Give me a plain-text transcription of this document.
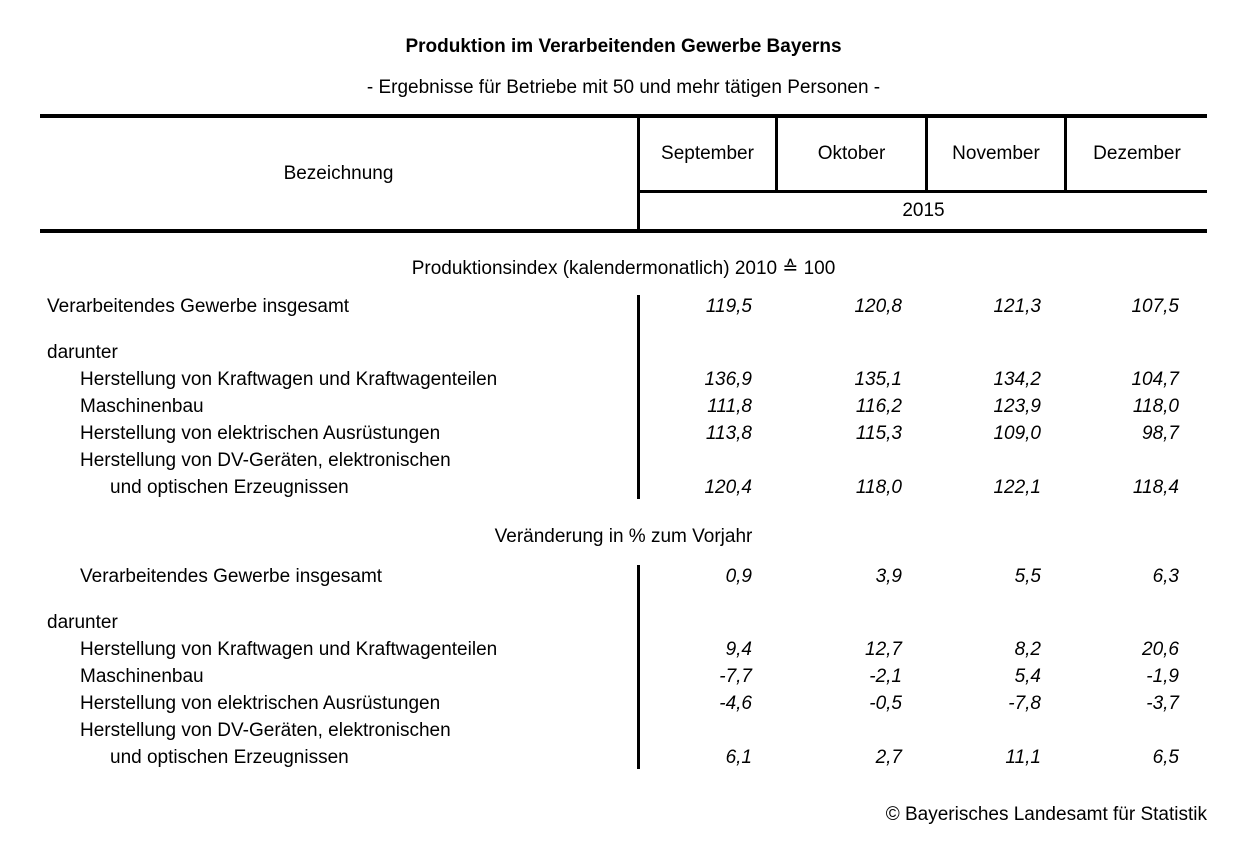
Produktion im Verarbeitenden Gewerbe Bayerns
- Ergebnisse für Betriebe mit 50 und mehr tätigen Personen -
Bezeichnung
September	Oktober	November	Dezember
2015
Produktionsindex (kalendermonatlich) 2010 ≙ 100
Verarbeitendes Gewerbe insgesamt	119,5	120,8	121,3	107,5
darunter
Herstellung von Kraftwagen und Kraftwagenteilen	136,9	135,1	134,2	104,7
Maschinenbau	111,8	116,2	123,9	118,0
Herstellung von elektrischen Ausrüstungen	113,8	115,3	109,0	98,7
Herstellung von DV-Geräten, elektronischen
und optischen Erzeugnissen	120,4	118,0	122,1	118,4
Veränderung in % zum Vorjahr
Verarbeitendes Gewerbe insgesamt	0,9	3,9	5,5	6,3
darunter
Herstellung von Kraftwagen und Kraftwagenteilen	9,4	12,7	8,2	20,6
Maschinenbau	-7,7	-2,1	5,4	-1,9
Herstellung von elektrischen Ausrüstungen	-4,6	-0,5	-7,8	-3,7
Herstellung von DV-Geräten, elektronischen
und optischen Erzeugnissen	6,1	2,7	11,1	6,5
© Bayerisches Landesamt für Statistik
